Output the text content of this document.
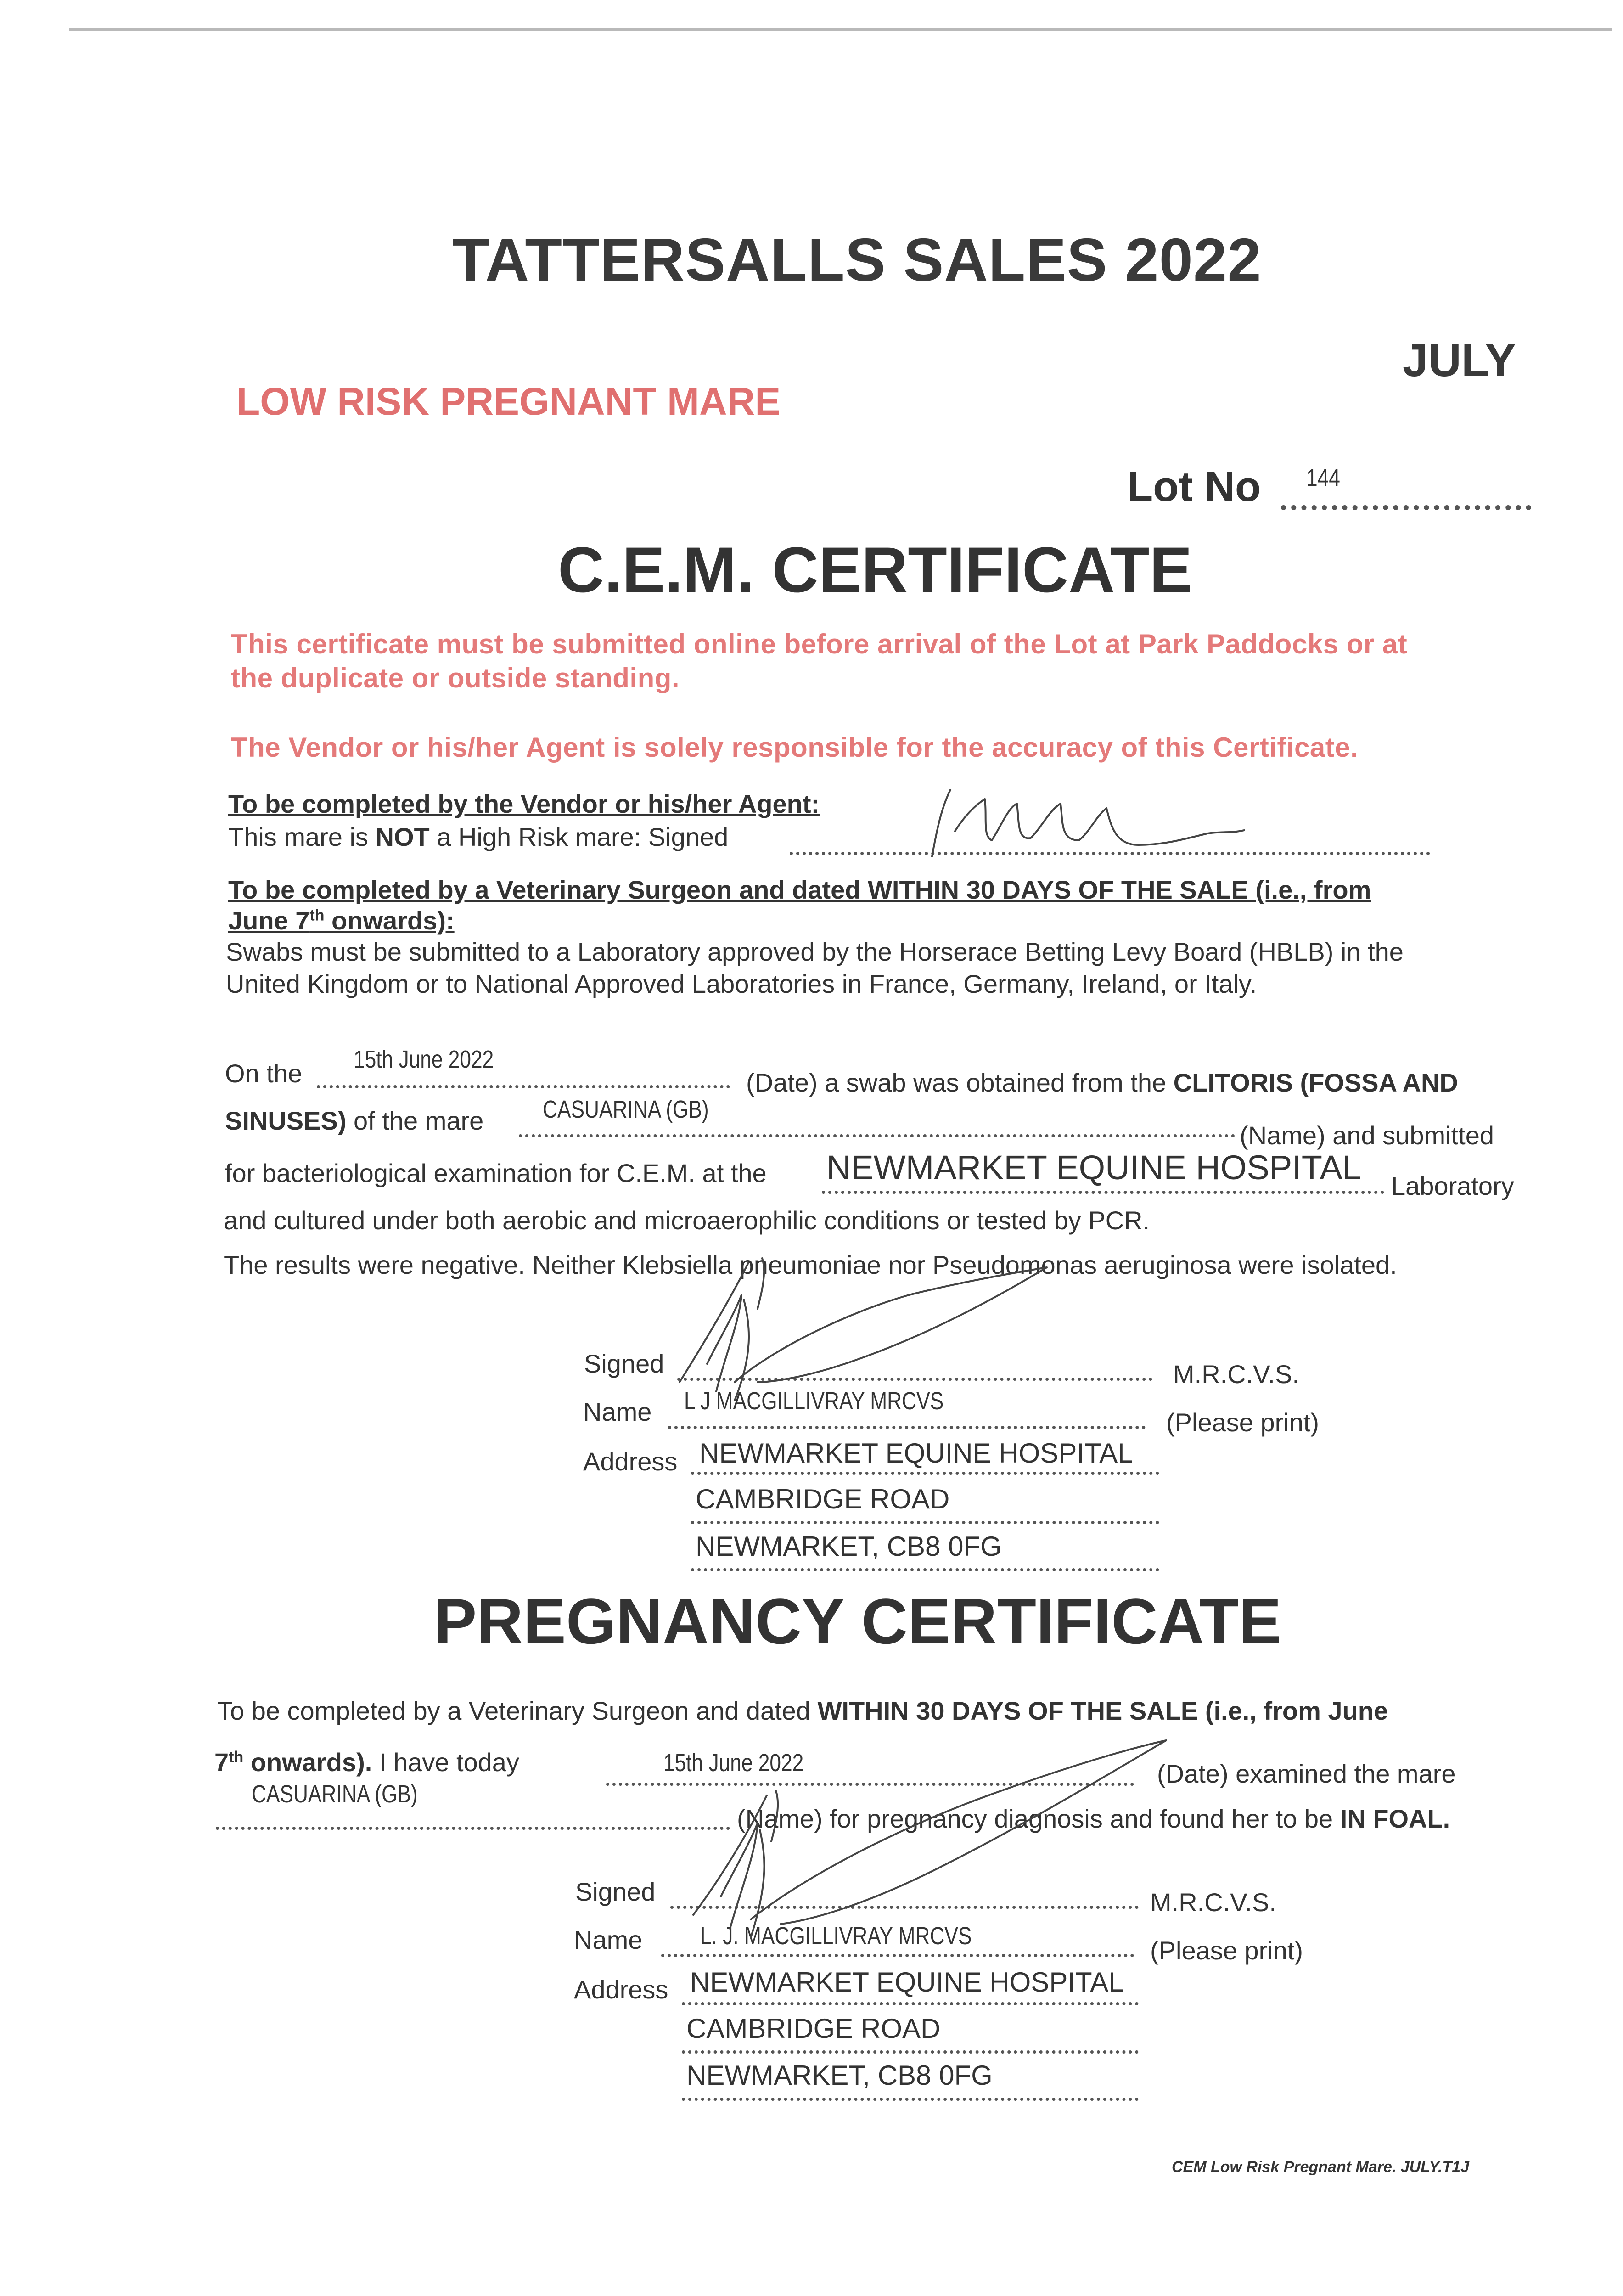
TATTERSALLS SALES 2022
JULY
LOW RISK PREGNANT MARE
Lot No 144
C.E.M. CERTIFICATE
This certificate must be submitted online before arrival of the Lot at Park Paddocks or at
the duplicate or outside standing.
The Vendor or his/her Agent is solely responsible for the accuracy of this Certificate.
To be completed by the Vendor or his/her Agent:
This mare is NOT a High Risk mare: Signed
To be completed by a Veterinary Surgeon and dated WITHIN 30 DAYS OF THE SALE (i.e., from
June 7th onwards):
Swabs must be submitted to a Laboratory approved by the Horserace Betting Levy Board (HBLB) in the
United Kingdom or to National Approved Laboratories in France, Germany, Ireland, or Italy.
On the 15th June 2022
(Date) a swab was obtained from the CLITORIS (FOSSA AND
SINUSES) of the mare CASUARINA (GB)
(Name) and submitted
for bacteriological examination for C.E.M. at the NEWMARKET EQUINE HOSPITAL Laboratory
and cultured under both aerobic and microaerophilic conditions or tested by PCR.
The results were negative. Neither Klebsiella pneumoniae nor Pseudomonas aeruginosa were isolated.
Signed	M.R.C.V.S.
Name L J MACGILLIVRAY MRCVS
(Please print)
Address NEWMARKET EQUINE HOSPITAL
CAMBRIDGE ROAD
NEWMARKET, CB8 0FG
PREGNANCY CERTIFICATE
To be completed by a Veterinary Surgeon and dated WITHIN 30 DAYS OF THE SALE (i.e., from June
7th onwards). I have today	15th June 2022	(Date) examined the mare
CASUARINA (GB)
(Name) for pregnancy diagnosis and found her to be IN FOAL.
Signed	M.R.C.V.S.
Name L. J. MACGILLIVRAY MRCVS	(Please print)
Address NEWMARKET EQUINE HOSPITAL
CAMBRIDGE ROAD
NEWMARKET, CB8 0FG
CEM Low Risk Pregnant Mare. JULY.T1J
